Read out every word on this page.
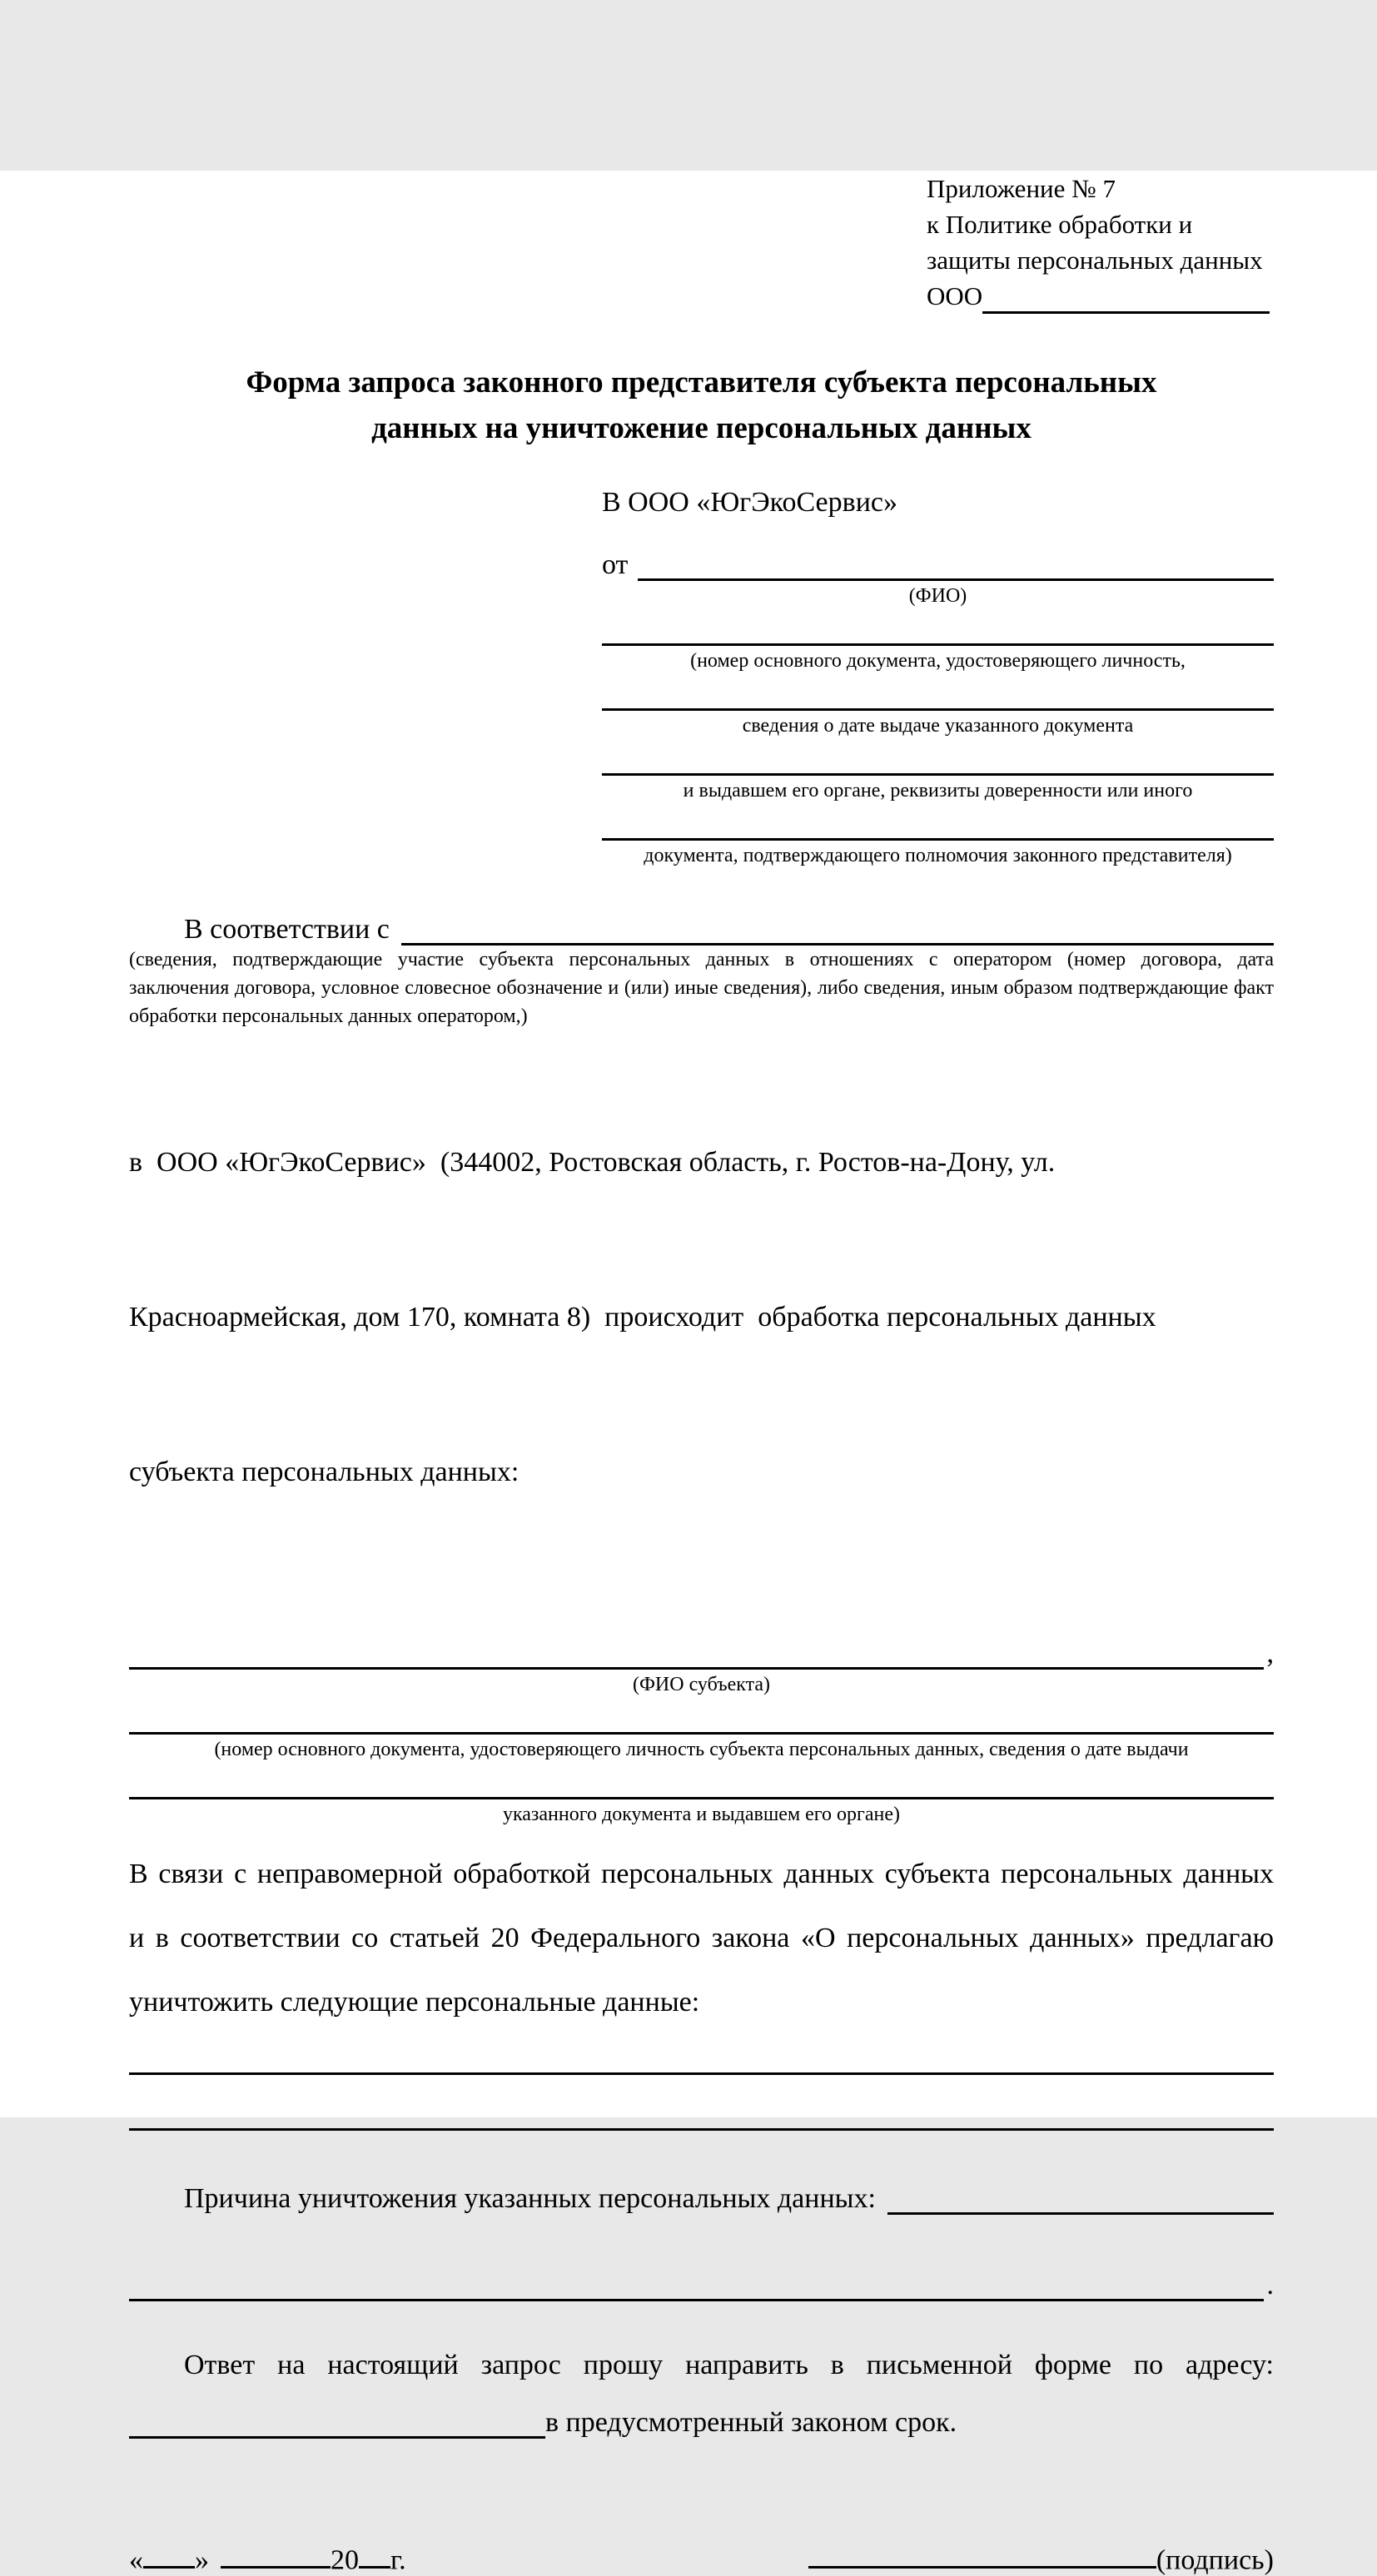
Приложение № 7
к Политике обработки и
защиты персональных данных
ООО
Форма запроса законного представителя субъекта персональных
данных на уничтожение персональных данных
В ООО «ЮгЭкоСервис»
от
(ФИО)
(номер основного документа, удостоверяющего личность,
сведения о дате выдаче указанного документа
и выдавшем его органе, реквизиты доверенности или иного
документа, подтверждающего полномочия законного представителя)
В соответствии с
(сведения, подтверждающие участие субъекта персональных данных в отношениях с оператором (номер договора, дата
заключения договора, условное словесное обозначение и (или) иные сведения), либо сведения, иным образом подтверждающие факт
обработки персональных данных оператором,)

в  ООО «ЮгЭкоСервис»  (344002, Ростовская область, г. Ростов-на-Дону, ул.

Красноармейская, дом 170, комната 8)  происходит  обработка персональных данных

субъекта персональных данных:

,
(ФИО субъекта)
(номер основного документа, удостоверяющего личность субъекта персональных данных, сведения о дате выдачи
указанного документа и выдавшем его органе)
В связи с неправомерной обработкой персональных данных субъекта персональных данных
и в соответствии со статьей 20 Федерального закона «О персональных данных» предлагаю
уничтожить следующие персональные данные:
Причина уничтожения указанных персональных данных:
.
Ответ на настоящий запрос прошу направить в письменной форме по адресу:
в предусмотренный законом срок.
« »	20 г.	(подпись)
